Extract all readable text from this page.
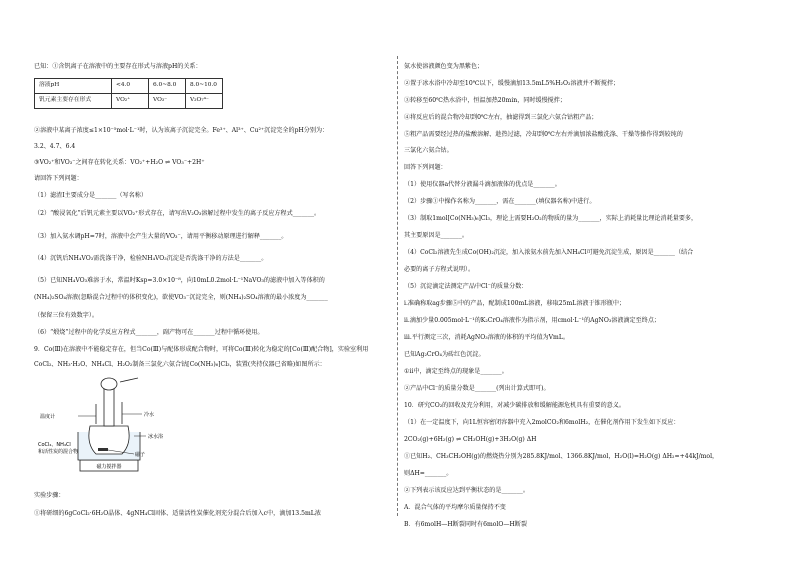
已知：①含钒离子在溶液中的主要存在形式与溶液pH的关系：
溶液pH	<4.0	6.0~8.0	8.0~10.0
钒元素主要存在形式	VO₂⁺	VO₃⁻	V₂O₇⁴⁻
②溶液中某离子浓度≤1×10⁻⁵mol·L⁻¹时，认为该离子沉淀完全。Fe³⁺、Al³⁺、Cu²⁺沉淀完全的pH分别为：
3.2、4.7、6.4
③VO₂⁺和VO₃⁻之间存在转化关系：VO₂⁺+H₂O ⇌ VO₃⁻+2H⁺
请回答下列问题：
（1）滤渣Ⅰ主要成分是_______（写名称）
（2）“酸浸氧化”后钒元素主要以VO₂⁺形式存在，请写出V₂O₃溶解过程中发生的离子反应方程式_______。
（3）加入氨水调pH=7时，溶液中会产生大量的VO₃⁻，请用平衡移动原理进行解释_______。
（4）沉钒后NH₄VO₃需洗涤干净，检验NH₄VO₃沉淀是否洗涤干净的方法是_______。
（5）已知NH₄VO₃难溶于水，常温时Ksp=3.0×10⁻⁸，向10mL0.2mol·L⁻¹NaVO₃的滤液中加入等体积的
(NH₄)₂SO₄溶液(忽略混合过程中的体积变化)，欲使VO₃⁻沉淀完全，则(NH₄)₂SO₄溶液的最小浓度为_______
（保留三位有效数字）。
（6）“煅烧”过程中的化学反应方程式_______，副产物可在_______过程中循环使用。
9．Co(Ⅲ)在溶液中不能稳定存在，但当Co(Ⅲ)与配体形成配合物时，可将Co(Ⅲ)转化为稳定的[Co(Ⅲ)配合物]，实验室利用
CoCl₂、NH₃·H₂O、NH₄Cl、H₂O₂制备三氯化六氨合钴[Co(NH₃)₆]Cl₃，装置(夹持仪器已省略)如图所示：
磁力搅拌器
温度计	冷水
冰水浴
磁子
CoCl₂、NH₄Cl
和活性炭的混合物
实验步骤：
①将研细的6gCoCl₂·6H₂O晶体、4gNH₄Cl固体、适量活性炭催化剂充分混合后加入c中，滴加13.5mL浓
氨水使溶液颜色变为黑紫色；
②置于冰水浴中冷却至10℃以下，缓慢滴加13.5mL5%H₂O₂溶液并不断搅拌；
③转移至60℃热水浴中，恒温加热20min，同时缓慢搅拌；
④将反应后的混合物冷却到0℃左右，抽滤得到三氯化六氨合钴粗产品；
⑤粗产品需要经过热的盐酸溶解、趁热过滤，冷却到0℃左右并滴加浓盐酸洗涤、干燥等操作得到较纯的
三氯化六氨合钴。
回答下列问题：
（1）使用仪器a代替分液漏斗滴加液体的优点是_______。
（2）步骤①中操作名称为_______，需在_______(填仪器名称)中进行。
（3）制取1mol[Co(NH₃)₆]Cl₃，理论上需要H₂O₂的物质的量为_______，实际上消耗量比理论消耗量要多，
其主要原因是_______。
（4）CoCl₂溶液先生成Co(OH)₂沉淀，加入浓氨水前先加入NH₄Cl可避免沉淀生成，原因是_______（结合
必要的离子方程式说明）。
（5）沉淀滴定法测定产品中Cl⁻的质量分数：
ⅰ.准确称取ag步骤⑤中的产品，配制成100mL溶液，移取25mL溶液于锥形瓶中；
ⅱ.滴加少量0.005mol·L⁻¹的K₂CrO₄溶液作为指示剂，用cmol·L⁻¹的AgNO₃溶液滴定至终点；
ⅲ.平行测定三次，消耗AgNO₃溶液的体积的平均值为VmL。
已知Ag₂CrO₄为砖红色沉淀。
①ⅱ中，滴定至终点的现象是_______。
②产品中Cl⁻的质量分数是_______(列出计算式即可)。
10．研究CO₂的回收及充分利用，对减少碳排放和缓解能源危机具有重要的意义。
（1）在一定温度下，向1L恒容密闭容器中充入2molCO₂和6molH₂，在催化剂作用下发生如下反应：
2CO₂(g)+6H₂(g) ⇌ CH₃OH(g)+3H₂O(g) ΔH
①已知H₂、CH₃CH₂OH(g)的燃烧热分别为285.8KJ/mol、1366.8KJ/mol，H₂O(l)=H₂O(g) ΔH₂=+44kJ/mol，
则ΔH=_______。
②下列表示该反应达到平衡状态的是_______。
A．混合气体的平均摩尔质量保持不变
B．有6molH—H断裂同时有6molO—H断裂
